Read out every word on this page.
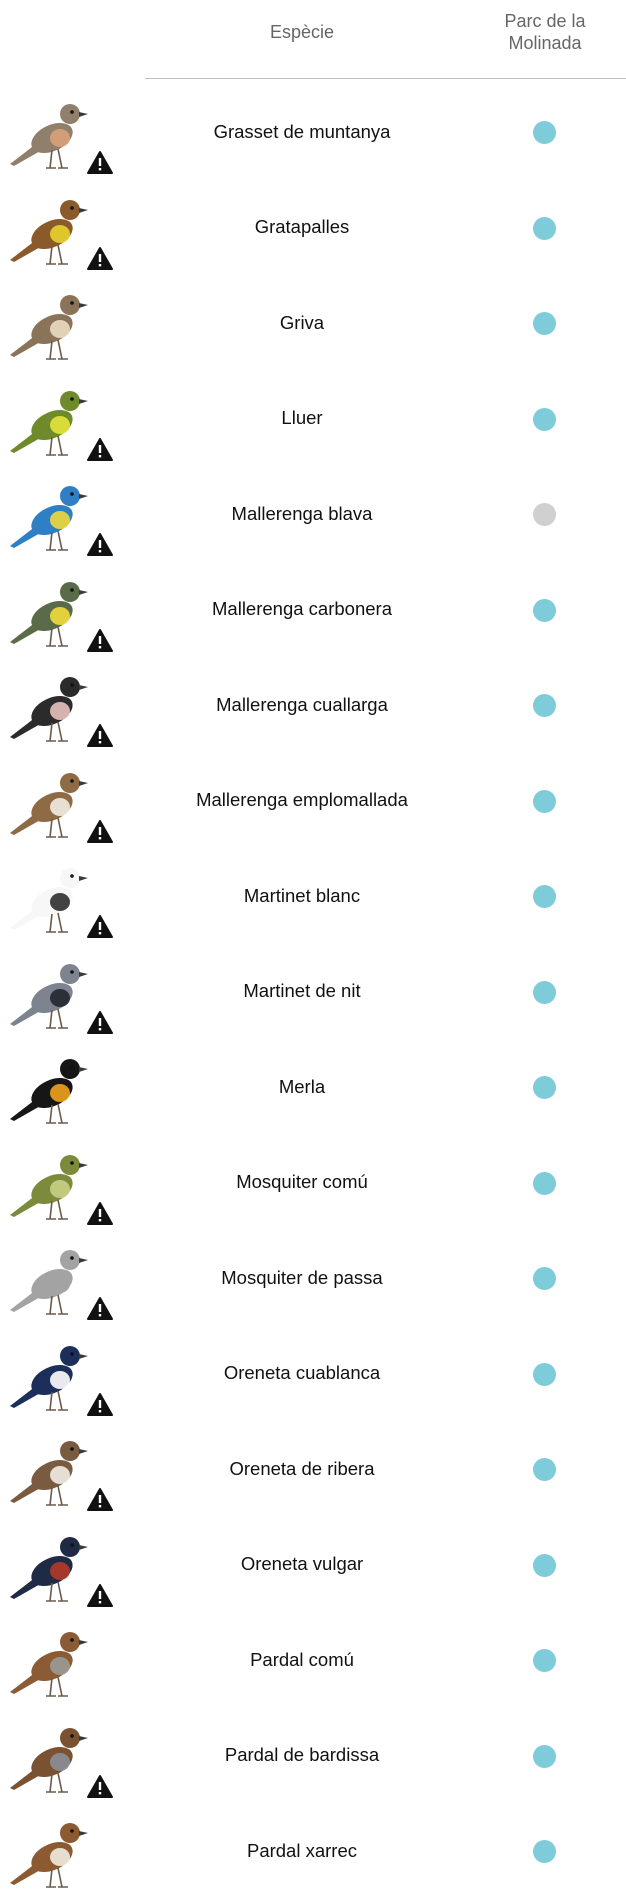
Espècie
Parc de la
Molinada
Grasset de muntanya
Gratapalles
Griva
Lluer
Mallerenga blava
Mallerenga carbonera
Mallerenga cuallarga
Mallerenga emplomallada
Martinet blanc
Martinet de nit
Merla
Mosquiter comú
Mosquiter de passa
Oreneta cuablanca
Oreneta de ribera
Oreneta vulgar
Pardal comú
Pardal de bardissa
Pardal xarrec
